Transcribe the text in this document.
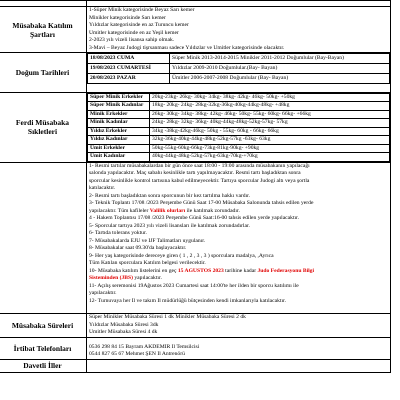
Müsabaka Katılım Şartları	
1-Süper Minik kategorisinde Beyaz Sarı kemer
Minikler kategorisinde Sarı kemer
Yıldızlar kategorisinde en az Turuncu kemer
Ümitler kategorisinde en az Yeşil kemer
2-2023 yılı vizeli lisansa sahip olmak.
3-Mavi – Beyaz Judogi tişrsanması sadece Yıldızlar ve Ümitler kategorisinde olacaktır.

Doğum Tarihleri	
18/08/2023 CUMA	Süper Minik 2013-2014-2015 Minikler 2011-2012 Doğumlular (Bay-Bayan)
19/08/2023 CUMARTESİ	Yıldızlar 2009-2010 Doğumlular.(Bay- Bayan)
20/08/2023 PAZAR	Ümitler 2006-2007-2008 Doğumlular (Bay- Bayan)

Ferdi Müsabaka Sıkletleri	
Süper Minik Erkekler	20kg-23kg- 26kg- 30kg- 34kg- 38kg- 42kg- 46kg- 50kg- +50kg
Süper Minik Kadınlar	18kg- 20kg- 24kg- 28kg-32kg-36kg-40kg-44kg-48kg- +48kg
Minik Erkekler	26kg- 30kg- 34kg- 38kg- 42kg- 46kg- 50kg- 55kg- 60kg- 66kg- +66kg
Minik Kadınlar	24kg- 28kg- 32kg- 36kg- 40kg-44kg-48kg-52kg-57kg- 57kg
Yıldız Erkekler	34kg -38kg-42kg-46kg- 50kg - 55kg- 60kg - 66kg- 66kg
Yıldız Kadınlar	32kg-36kg-40kg-44kg-48kg-52kg-57kg -63kg- 63kg
Ümit Erkekler	50kg-55kg-60kg-66kg-73kg-81kg-90kg- +90kg
Ümit Kadınlar	40kg-44kg-48kg-52kg-57kg-63kg-70kg-+70kg

1- Resmi tartılar müsabakalardan bir gün önce saat 18:00 - 19:00 arasında müsabakanın yapılacağı
salonda yapılacaktır. Maç sabahı kesinlikle tartı yapılmayacaktır. Resmi tartı başladıktan sonra
sporcular kesinlikle kontrol tartısına kabul edilmeyecektir. Tartıya sporcular Judogi altı veya şortla
katılacaktır.
2- Resmi tartı başladıktan sonra sporcunun bir kez tartılma hakkı vardır.
3- Teknik Toplantı 17/08 /2023 Perşembe Günü Saat 17-00 Müsabaka Salonunda tahsis edilen yerde
yapılacaktır. Tüm kafileler Valilik olurları ile katılmak zorundadır.
4 - Hakem Toplantısı 17/08 /2023 Perşembe Günü Saat:16-00 tahsis edilen yerde yapılacaktır.
5- Sporcular tartıya 2023 yılı vizeli lisansları ile katılmak zorundadırlar.
6- Tartıda tolerans yoktur.
7- Müsabakalarda EJU ve IJF Talimatları uygulanır.
8- Müsabakalar saat 09.30'da başlayacaktır.
9- Her yaş kategorisinde dereceye giren ( 1 , 2 , 3 , 3 ) sporculara madalya, ,Ayrıca
Tüm Katılan sporculara Katılım belgesi verilecektir.
10- Müsabaka katılım listelerini en geç 15 AĞUSTOS 2023 tarihine kadar Judo Federasyonu Bilgi
Sisteminden (JBS) yapılacaktır.
11- Açılış seremonisi 19Ağustos 2023 Cumartesi saat 14:00'te her ilden bir sporcu katılımı ile
yapılacaktır.
12- Turnuvaya her İl ve takım İl müdürlüğü bütçesinden kendi imkanlarıyla katılacaktır.

Müsabaka Süreleri	
Süper Minikler Müsabaka Süresi 1 dk Minikler Müsabaka Süresi 2 dk
Yıldızlar Müsabaka Süresi 3dk
Ümitler Müsabaka Süresi 4 dk

İrtibat Telefonları	0536 298 84 15 Bayram AKDEMİR İl Temsilcisi
0544 827 65 67 Mehmet ŞEN İl Antrenörü

Davetli İller	
